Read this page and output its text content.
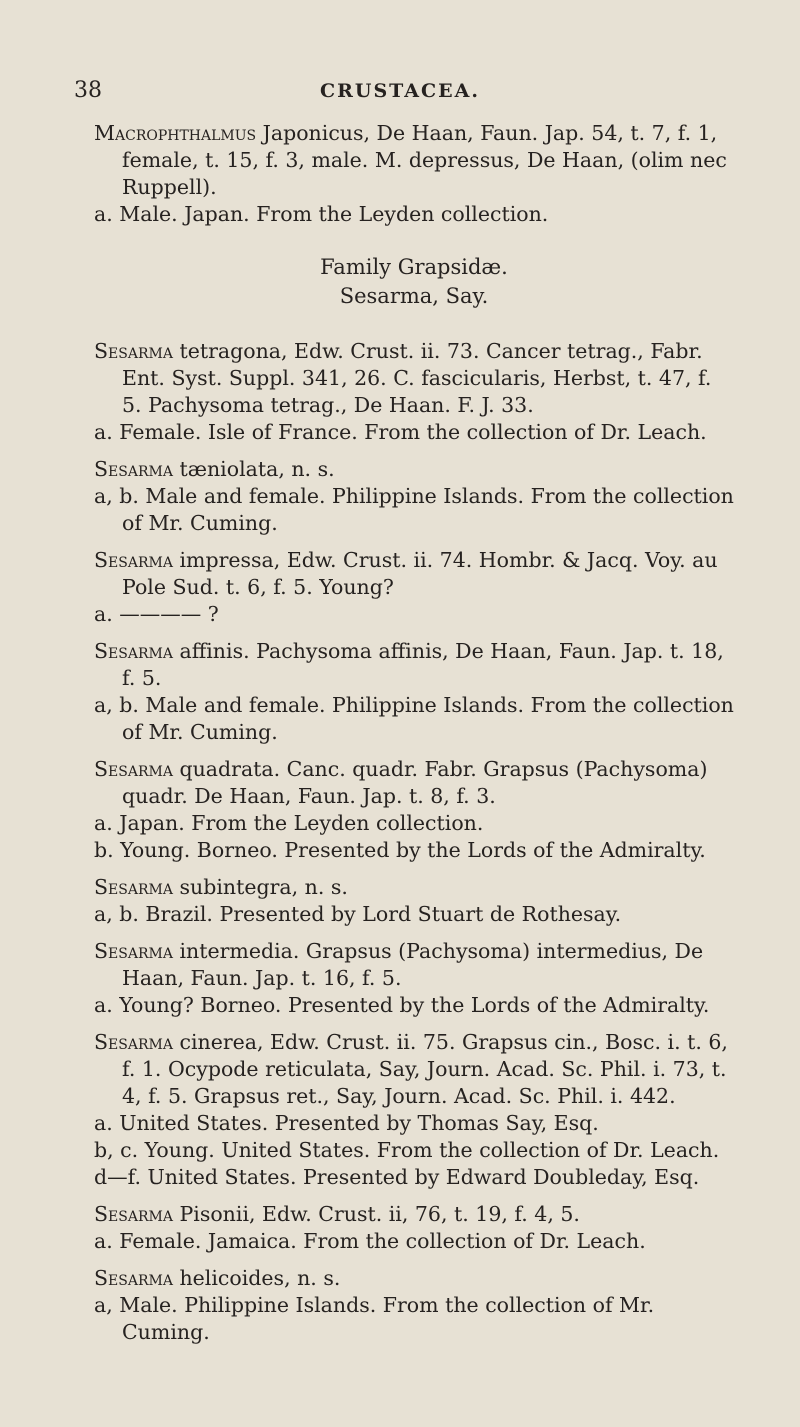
38	CRUSTACEA.

Macrophthalmus Japonicus, De Haan, Faun. Jap. 54, t. 7, f. 1, female, t. 15, f. 3, male. M. depressus, De Haan, (olim nec Ruppell).

a. Male. Japan. From the Leyden collection.

Family Grapsidæ.

Sesarma, Say.

Sesarma tetragona, Edw. Crust. ii. 73. Cancer tetrag., Fabr. Ent. Syst. Suppl. 341, 26. C. fascicularis, Herbst, t. 47, f. 5. Pachysoma tetrag., De Haan. F. J. 33.

a. Female. Isle of France. From the collection of Dr. Leach.

Sesarma tæniolata, n. s.

a, b. Male and female. Philippine Islands. From the collection of Mr. Cuming.

Sesarma impressa, Edw. Crust. ii. 74. Hombr. & Jacq. Voy. au Pole Sud. t. 6, f. 5. Young?

a. ———— ?

Sesarma affinis. Pachysoma affinis, De Haan, Faun. Jap. t. 18, f. 5.

a, b. Male and female. Philippine Islands. From the collection of Mr. Cuming.

Sesarma quadrata. Canc. quadr. Fabr. Grapsus (Pachysoma) quadr. De Haan, Faun. Jap. t. 8, f. 3.

a. Japan. From the Leyden collection.

b. Young. Borneo. Presented by the Lords of the Admiralty.

Sesarma subintegra, n. s.

a, b. Brazil. Presented by Lord Stuart de Rothesay.

Sesarma intermedia. Grapsus (Pachysoma) intermedius, De Haan, Faun. Jap. t. 16, f. 5.

a. Young? Borneo. Presented by the Lords of the Admiralty.

Sesarma cinerea, Edw. Crust. ii. 75. Grapsus cin., Bosc. i. t. 6, f. 1. Ocypode reticulata, Say, Journ. Acad. Sc. Phil. i. 73, t. 4, f. 5. Grapsus ret., Say, Journ. Acad. Sc. Phil. i. 442.

a. United States. Presented by Thomas Say, Esq.

b, c. Young. United States. From the collection of Dr. Leach.

d—f. United States. Presented by Edward Doubleday, Esq.

Sesarma Pisonii, Edw. Crust. ii, 76, t. 19, f. 4, 5.

a. Female. Jamaica. From the collection of Dr. Leach.

Sesarma helicoides, n. s.

a, Male. Philippine Islands. From the collection of Mr. Cuming.
